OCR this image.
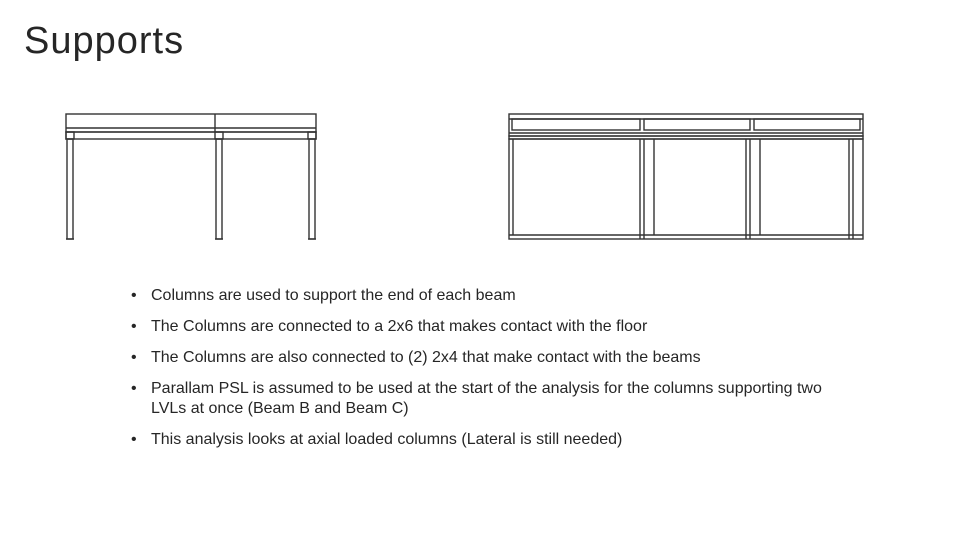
Supports
• Columns are used to support the end of each beam
• The Columns are connected to a 2x6 that makes contact with the floor
• The Columns are also connected to (2) 2x4 that make contact with the beams
• Parallam PSL is assumed to be used at the start of the analysis for the columns supporting two LVLs at once (Beam B and Beam C)
• This analysis looks at axial loaded columns (Lateral is still needed)
